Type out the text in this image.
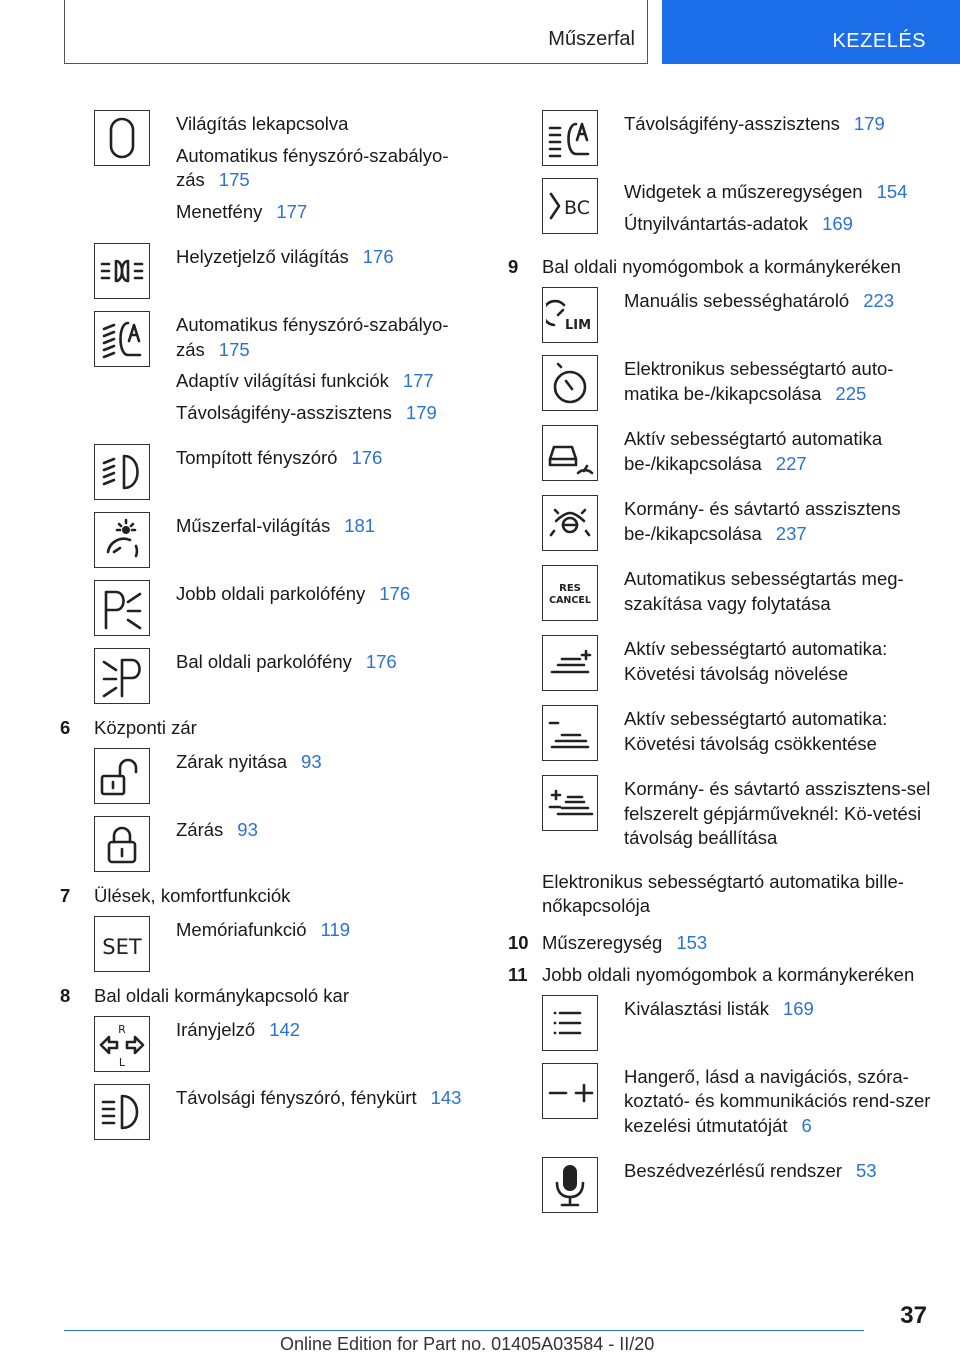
Műszerfal	KEZELÉS
Világítás lekapcsolva
Automatikus fényszóró-szabályo-zás 175
Menetfény 177
Helyzetjelző világítás 176
Automatikus fényszóró-szabályo-zás 175
Adaptív világítási funkciók 177
Távolságifény-asszisztens 179
Tompított fényszóró 176
Műszerfal-világítás 181
Jobb oldali parkolófény 176
Bal oldali parkolófény 176
6 Központi zár
Zárak nyitása 93
Zárás 93
7 Ülések, komfortfunkciók
SET
Memóriafunkció 119
8 Bal oldali kormánykapcsoló kar
R
L
Irányjelző 142
Távolsági fényszóró, fénykürt 143
Távolságifény-asszisztens 179
BC
Widgetek a műszeregységen 154
Útnyilvántartás-adatok 169
9 Bal oldali nyomógombok a kormánykeréken
LIM
Manuális sebességhatároló 223
Elektronikus sebességtartó auto-matika be-/kikapcsolása 225
Aktív sebességtartó automatika be-/kikapcsolása 227
Kormány- és sávtartó asszisztens be-/kikapcsolása 237
RES
CANCEL
Automatikus sebességtartás meg-szakítása vagy folytatása
Aktív sebességtartó automatika: Követési távolság növelése
Aktív sebességtartó automatika: Követési távolság csökkentése
Kormány- és sávtartó asszisztens-sel felszerelt gépjárműveknél: Kö-vetési távolság beállítása
Elektronikus sebességtartó automatika bille-nőkapcsolója
10 Műszeregység 153
11 Jobb oldali nyomógombok a kormánykeréken
Kiválasztási listák 169
Hangerő, lásd a navigációs, szóra-koztató- és kommunikációs rend-szer kezelési útmutatóját 6
Beszédvezérlésű rendszer 53
37
Online Edition for Part no. 01405A03584 - II/20
